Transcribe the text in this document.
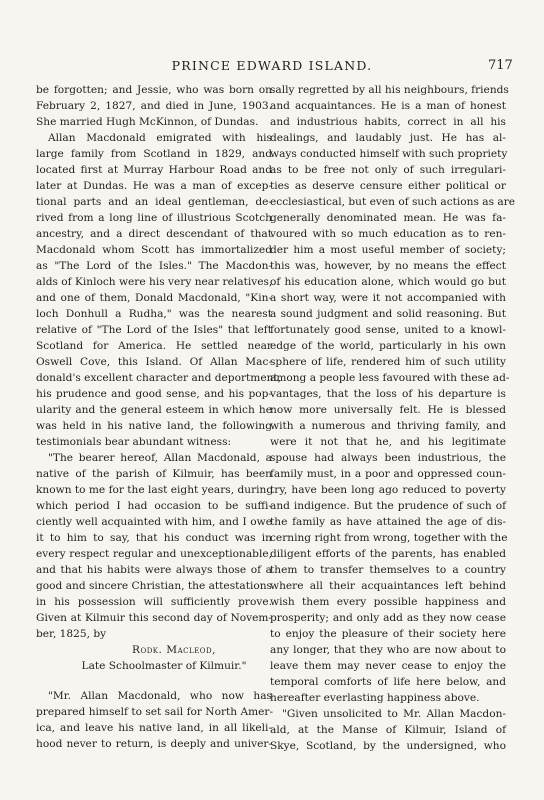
PRINCE EDWARD ISLAND.	717
be forgotten; and Jessie, who was born on
February 2, 1827, and died in June, 1903.
She married Hugh McKinnon, of Dundas.
Allan Macdonald emigrated with his
large family from Scotland in 1829, and
located first at Murray Harbour Road and
later at Dundas. He was a man of excep-
tional parts and an ideal gentleman, de-
rived from a long line of illustrious Scotch
ancestry, and a direct descendant of that
Macdonald whom Scott has immortalized
as "The Lord of the Isles." The Macdon-
alds of Kinloch were his very near relatives,
and one of them, Donald Macdonald, "Kin-
loch Donhull a Rudha," was the nearest
relative of "The Lord of the Isles" that left
Scotland for America. He settled near
Oswell Cove, this Island. Of Allan Mac-
donald's excellent character and deportment,
his prudence and good sense, and his pop-
ularity and the general esteem in which he
was held in his native land, the following
testimonials bear abundant witness:
"The bearer hereof, Allan Macdonald, a
native of the parish of Kilmuir, has been
known to me for the last eight years, during
which period I had occasion to be suffi-
ciently well acquainted with him, and I owe
it to him to say, that his conduct was in
every respect regular and unexceptionable,
and that his habits were always those of a
good and sincere Christian, the attestations
in his possession will sufficiently prove.
Given at Kilmuir this second day of Novem-
ber, 1825, by
Rodk. Macleod,
Late Schoolmaster of Kilmuir."
"Mr. Allan Macdonald, who now has
prepared himself to set sail for North Amer-
ica, and leave his native land, in all likeli-
hood never to return, is deeply and univer-
sally regretted by all his neighbours, friends
and acquaintances. He is a man of honest
and industrious habits, correct in all his
dealings, and laudably just. He has al-
ways conducted himself with such propriety
as to be free not only of such irregulari-
ties as deserve censure either political or
ecclesiastical, but even of such actions as are
generally denominated mean. He was fa-
voured with so much education as to ren-
der him a most useful member of society;
this was, however, by no means the effect
of his education alone, which would go but
a short way, were it not accompanied with
a sound judgment and solid reasoning. But
fortunately good sense, united to a knowl-
edge of the world, particularly in his own
sphere of life, rendered him of such utility
among a people less favoured with these ad-
vantages, that the loss of his departure is
now more universally felt. He is blessed
with a numerous and thriving family, and
were it not that he, and his legitimate
spouse had always been industrious, the
family must, in a poor and oppressed coun-
try, have been long ago reduced to poverty
and indigence. But the prudence of such of
the family as have attained the age of dis-
cerning right from wrong, together with the
diligent efforts of the parents, has enabled
them to transfer themselves to a country
where all their acquaintances left behind
wish them every possible happiness and
prosperity; and only add as they now cease
to enjoy the pleasure of their society here
any longer, that they who are now about to
leave them may never cease to enjoy the
temporal comforts of life here below, and
hereafter everlasting happiness above.
"Given unsolicited to Mr. Allan Macdon-
ald, at the Manse of Kilmuir, Island of
Skye, Scotland, by the undersigned, who
